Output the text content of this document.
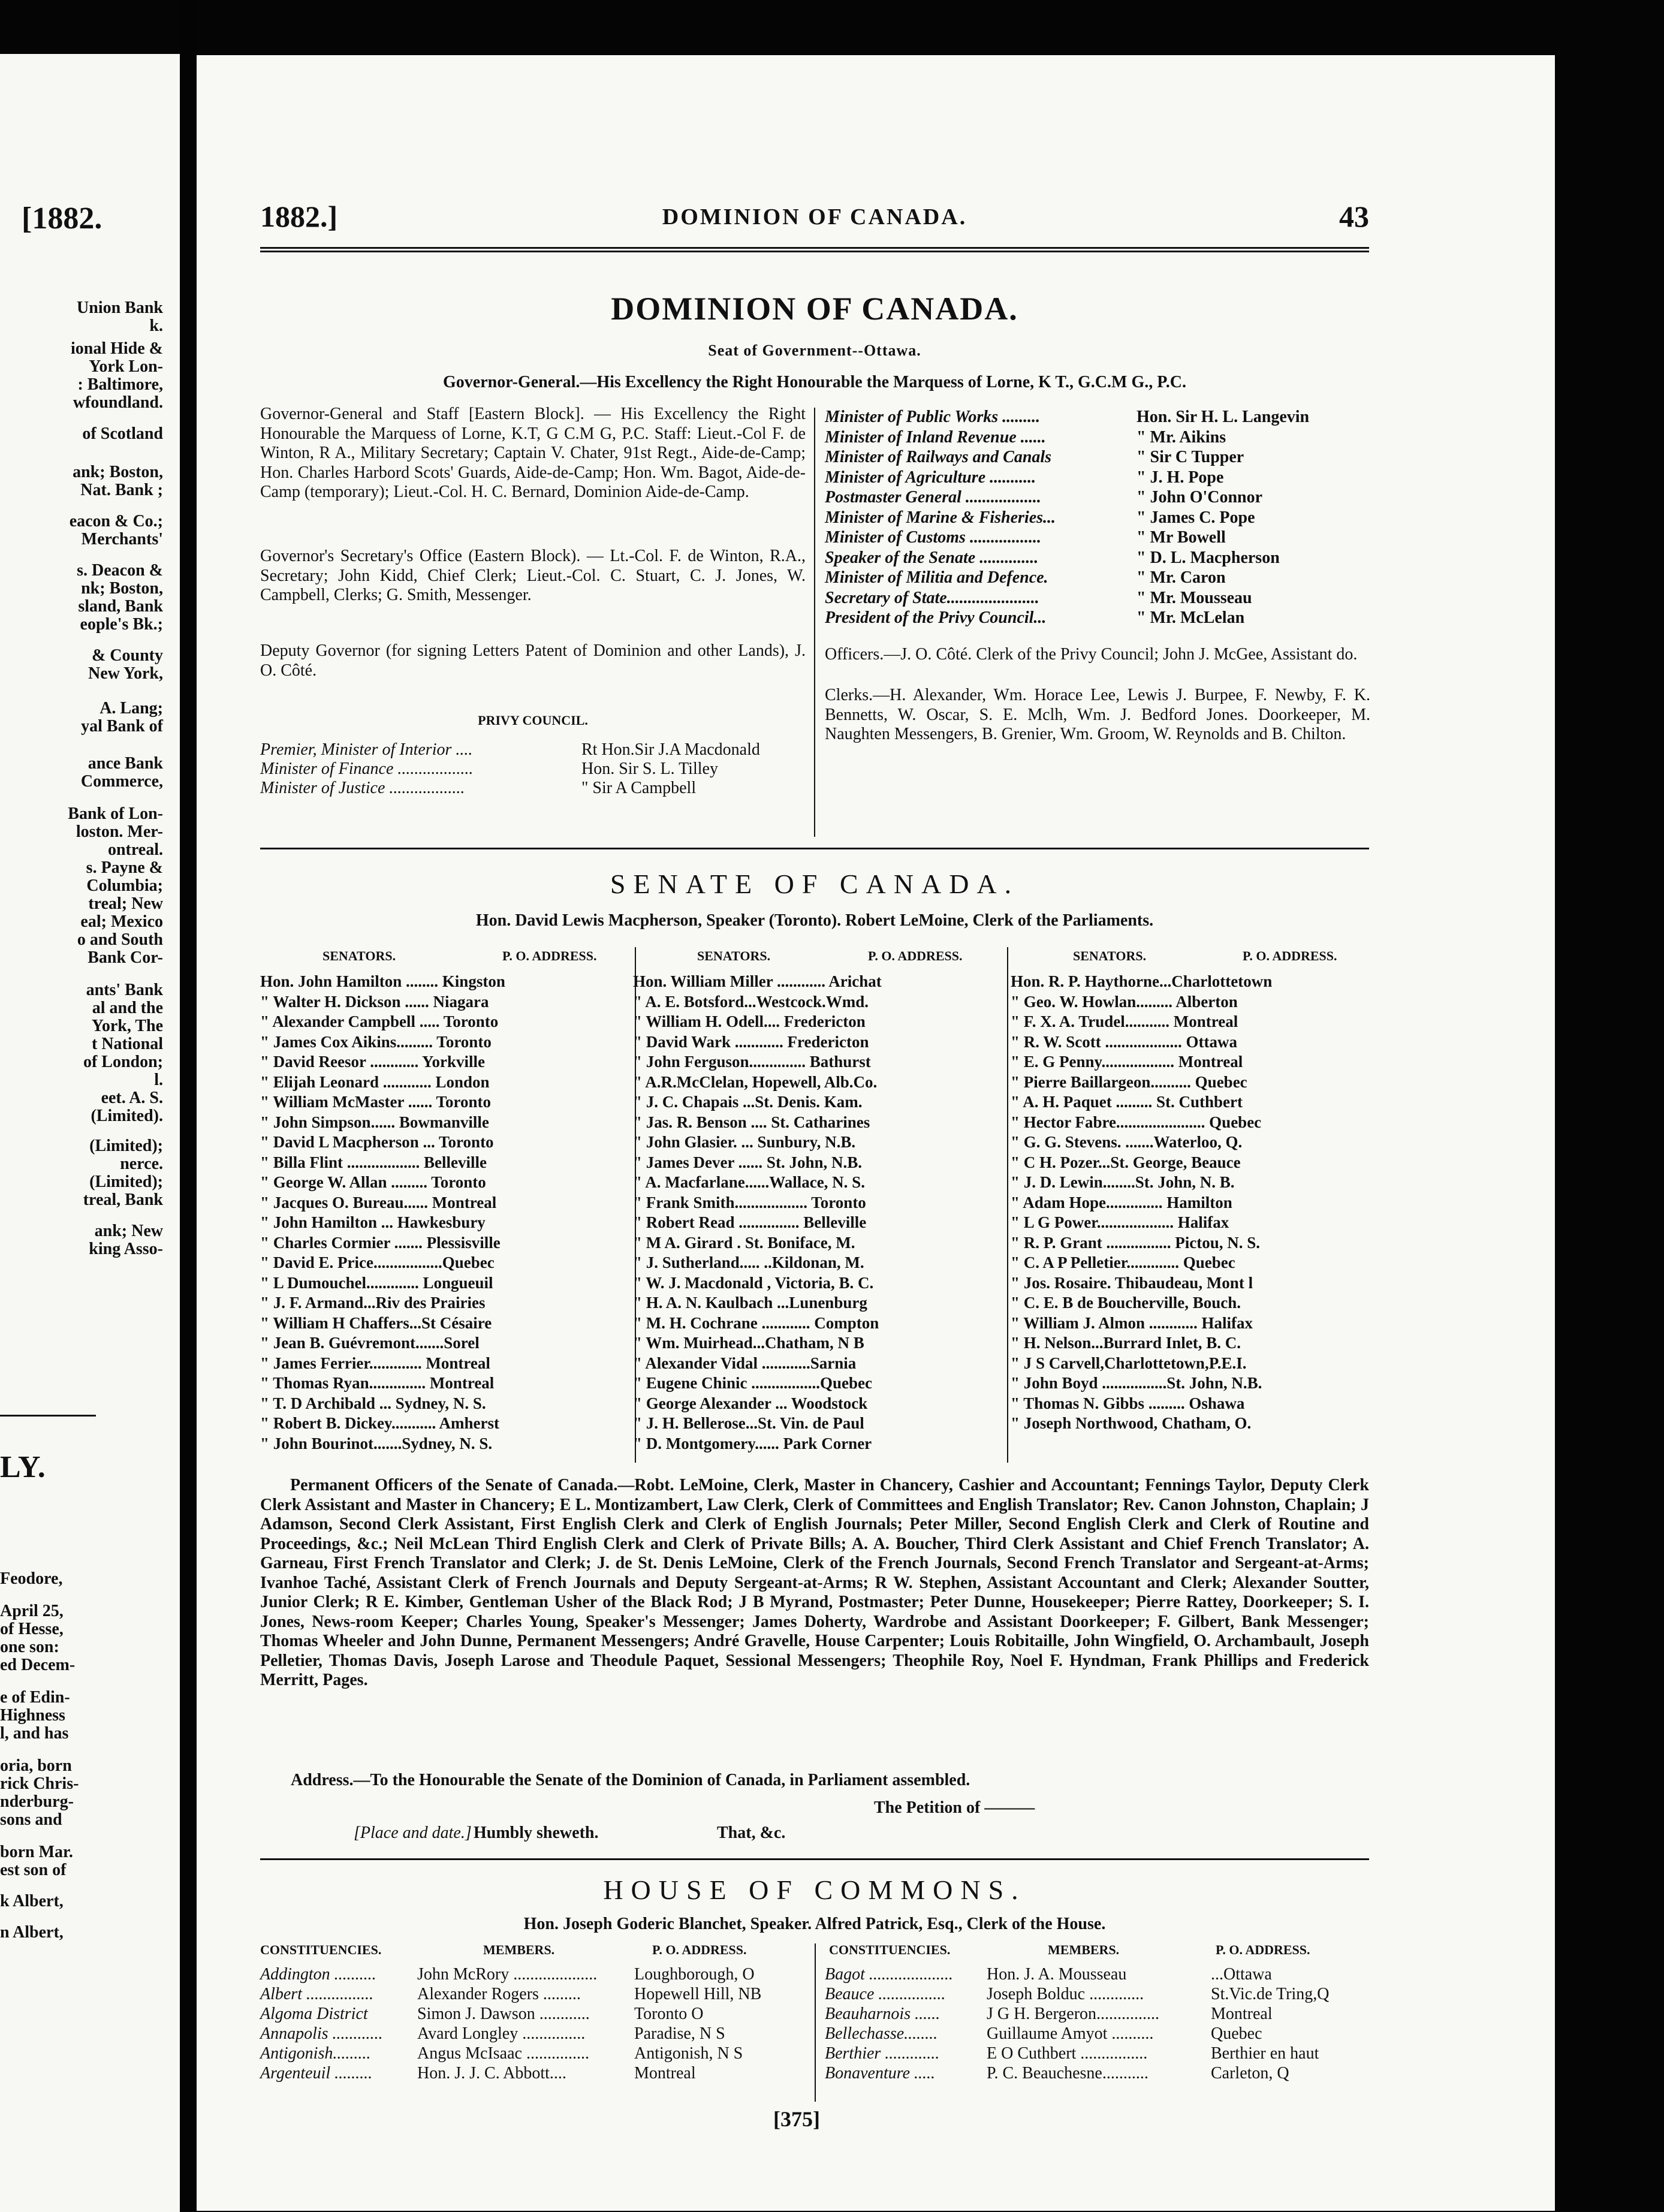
[1882.
Union Bank
k.
ional Hide &
York Lon-
: Baltimore,
wfoundland.
of Scotland
ank; Boston,
Nat. Bank ;
eacon & Co.;
Merchants'
s. Deacon &
nk; Boston,
sland, Bank
eople's Bk.;
& County
New York,
A. Lang;
yal Bank of
ance Bank
Commerce,
Bank of Lon-
loston. Mer-
ontreal.
s. Payne &
Columbia;
treal; New
eal; Mexico
o and South
Bank Cor-
ants' Bank
al and the
York, The
t National
of London;
l.
eet. A. S.
(Limited).
(Limited);
nerce.
(Limited);
treal, Bank
ank; New
king Asso-
LY.
Feodore,
April 25,
of Hesse,
one son:
ed Decem-
e of Edin-
Highness
l, and has
oria, born
rick Chris-
nderburg-
sons and
born Mar.
est son of
k Albert,
n Albert,
1882.]	DOMINION OF CANADA.	43
DOMINION OF CANADA.
Seat of Government--Ottawa.
Governor-General.—His Excellency the Right Honourable the Marquess of Lorne, K T., G.C.M G., P.C.
Governor-General and Staff [Eastern Block]. — His Excellency the Right Honourable the Marquess of Lorne, K.T, G C.M G, P.C. Staff: Lieut.-Col F. de Winton, R A., Military Secretary; Captain V. Chater, 91st Regt., Aide-de-Camp; Hon. Charles Harbord Scots' Guards, Aide-de-Camp; Hon. Wm. Bagot, Aide-de-Camp (temporary); Lieut.-Col. H. C. Bernard, Dominion Aide-de-Camp.
Governor's Secretary's Office (Eastern Block). — Lt.-Col. F. de Winton, R.A., Secretary; John Kidd, Chief Clerk; Lieut.-Col. C. Stuart, C. J. Jones, W. Campbell, Clerks; G. Smith, Messenger.
Deputy Governor (for signing Letters Patent of Dominion and other Lands), J. O. Côté.
PRIVY COUNCIL.
Premier, Minister of Interior ....	Rt Hon.Sir J.A Macdonald
Minister of Finance ..................	Hon. Sir S. L. Tilley
Minister of Justice ..................	" Sir A Campbell
Minister of Public Works .........	Hon. Sir H. L. Langevin
Minister of Inland Revenue ......	" Mr. Aikins
Minister of Railways and Canals	" Sir C Tupper
Minister of Agriculture ...........	" J. H. Pope
Postmaster General ..................	" John O'Connor
Minister of Marine & Fisheries...	" James C. Pope
Minister of Customs .................	" Mr Bowell
Speaker of the Senate ..............	" D. L. Macpherson
Minister of Militia and Defence.	" Mr. Caron
Secretary of State......................	" Mr. Mousseau
President of the Privy Council...	" Mr. McLelan
Officers.—J. O. Côté. Clerk of the Privy Council; John J. McGee, Assistant do.
Clerks.—H. Alexander, Wm. Horace Lee, Lewis J. Burpee, F. Newby, F. K. Bennetts, W. Oscar, S. E. Mclh, Wm. J. Bedford Jones. Doorkeeper, M. Naughten Messengers, B. Grenier, Wm. Groom, W. Reynolds and B. Chilton.
SENATE OF CANADA.
Hon. David Lewis Macpherson, Speaker (Toronto). Robert LeMoine, Clerk of the Parliaments.
SENATORS.	P. O. ADDRESS.	SENATORS.	P. O. ADDRESS.	SENATORS.	P. O. ADDRESS.
Hon. John Hamilton ........ Kingston
" Walter H. Dickson ...... Niagara
" Alexander Campbell ..... Toronto
" James Cox Aikins......... Toronto
" David Reesor ............ Yorkville
" Elijah Leonard ............ London
" William McMaster ...... Toronto
" John Simpson...... Bowmanville
" David L Macpherson ... Toronto
" Billa Flint .................. Belleville
" George W. Allan ......... Toronto
" Jacques O. Bureau...... Montreal
" John Hamilton ... Hawkesbury
" Charles Cormier ....... Plessisville
" David E. Price.................Quebec
" L Dumouchel............. Longueuil
" J. F. Armand...Riv des Prairies
" William H Chaffers...St Césaire
" Jean B. Guévremont.......Sorel
" James Ferrier............. Montreal
" Thomas Ryan.............. Montreal
" T. D Archibald ... Sydney, N. S.
" Robert B. Dickey........... Amherst
" John Bourinot.......Sydney, N. S.
Hon. William Miller ............ Arichat
" A. E. Botsford...Westcock.Wmd.
" William H. Odell.... Fredericton
" David Wark ............ Fredericton
" John Ferguson.............. Bathurst
" A.R.McClelan, Hopewell, Alb.Co.
" J. C. Chapais ...St. Denis. Kam.
" Jas. R. Benson .... St. Catharines
" John Glasier. ... Sunbury, N.B.
" James Dever ...... St. John, N.B.
" A. Macfarlane......Wallace, N. S.
" Frank Smith.................. Toronto
" Robert Read ............... Belleville
" M A. Girard . St. Boniface, M.
" J. Sutherland..... ..Kildonan, M.
" W. J. Macdonald , Victoria, B. C.
" H. A. N. Kaulbach ...Lunenburg
" M. H. Cochrane ............ Compton
" Wm. Muirhead...Chatham, N B
" Alexander Vidal ............Sarnia
" Eugene Chinic .................Quebec
" George Alexander ... Woodstock
" J. H. Bellerose...St. Vin. de Paul
" D. Montgomery...... Park Corner
Hon. R. P. Haythorne...Charlottetown
" Geo. W. Howlan......... Alberton
" F. X. A. Trudel........... Montreal
" R. W. Scott ................... Ottawa
" E. G Penny.................. Montreal
" Pierre Baillargeon.......... Quebec
" A. H. Paquet ......... St. Cuthbert
" Hector Fabre...................... Quebec
" G. G. Stevens. .......Waterloo, Q.
" C H. Pozer...St. George, Beauce
" J. D. Lewin........St. John, N. B.
" Adam Hope.............. Hamilton
" L G Power................... Halifax
" R. P. Grant ................ Pictou, N. S.
" C. A P Pelletier............. Quebec
" Jos. Rosaire. Thibaudeau, Mont l
" C. E. B de Boucherville, Bouch.
" William J. Almon ............ Halifax
" H. Nelson...Burrard Inlet, B. C.
" J S Carvell,Charlottetown,P.E.I.
" John Boyd ................St. John, N.B.
" Thomas N. Gibbs ......... Oshawa
" Joseph Northwood, Chatham, O.
Permanent Officers of the Senate of Canada.—Robt. LeMoine, Clerk, Master in Chancery, Cashier and Accountant; Fennings Taylor, Deputy Clerk Clerk Assistant and Master in Chancery; E L. Montizambert, Law Clerk, Clerk of Committees and English Translator; Rev. Canon Johnston, Chaplain; J Adamson, Second Clerk Assistant, First English Clerk and Clerk of English Journals; Peter Miller, Second English Clerk and Clerk of Routine and Proceedings, &c.; Neil McLean Third English Clerk and Clerk of Private Bills; A. A. Boucher, Third Clerk Assistant and Chief French Translator; A. Garneau, First French Translator and Clerk; J. de St. Denis LeMoine, Clerk of the French Journals, Second French Translator and Sergeant-at-Arms; Ivanhoe Taché, Assistant Clerk of French Journals and Deputy Sergeant-at-Arms; R W. Stephen, Assistant Accountant and Clerk; Alexander Soutter, Junior Clerk; R E. Kimber, Gentleman Usher of the Black Rod; J B Myrand, Postmaster; Peter Dunne, Housekeeper; Pierre Rattey, Doorkeeper; S. I. Jones, News-room Keeper; Charles Young, Speaker's Messenger; James Doherty, Wardrobe and Assistant Doorkeeper; F. Gilbert, Bank Messenger; Thomas Wheeler and John Dunne, Permanent Messengers; André Gravelle, House Carpenter; Louis Robitaille, John Wingfield, O. Archambault, Joseph Pelletier, Thomas Davis, Joseph Larose and Theodule Paquet, Sessional Messengers; Theophile Roy, Noel F. Hyndman, Frank Phillips and Frederick Merritt, Pages.
Address.—To the Honourable the Senate of the Dominion of Canada, in Parliament assembled.
The Petition of ———
[Place and date.] Humbly sheweth.	That, &c.
HOUSE OF COMMONS.
Hon. Joseph Goderic Blanchet, Speaker. Alfred Patrick, Esq., Clerk of the House.
CONSTITUENCIES.	MEMBERS.	P. O. ADDRESS.	CONSTITUENCIES.	MEMBERS.	P. O. ADDRESS.
Addington .......... John McRory .................... Loughborough, O
Albert ................	Alexander Rogers .........	Hopewell Hill, NB
Algoma District	Simon J. Dawson ............	Toronto O
Annapolis ............ Avard Longley ...............	Paradise, N S
Antigonish.........	Angus McIsaac ...............	Antigonish, N S
Argenteuil .........	Hon. J. J. C. Abbott....	Montreal
Bagot .................... Hon. J. A. Mousseau	...Ottawa
Beauce ................ Joseph Bolduc .............	St.Vic.de Tring,Q
Beauharnois ......	J G H. Bergeron...............	Montreal
Bellechasse........	Guillaume Amyot ..........	Quebec
Berthier .............	E O Cuthbert ................	Berthier en haut
Bonaventure .....	P. C. Beauchesne...........	Carleton, Q
[375]
